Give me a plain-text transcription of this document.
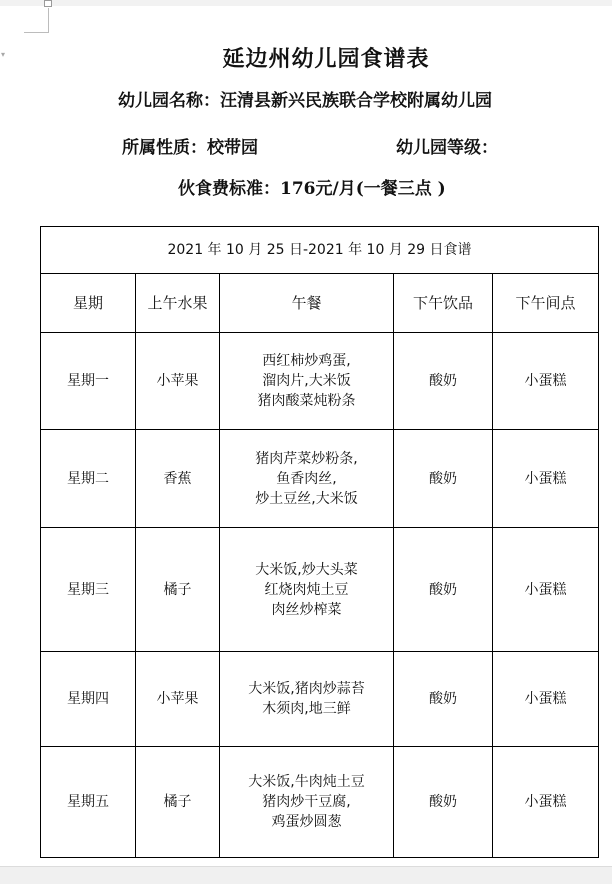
▾	延边州幼儿园食谱表
幼儿园名称：汪清县新兴民族联合学校附属幼儿园
所属性质：校带园	幼儿园等级：
伙食费标准：176元/月(一餐三点 )
2021 年 10 月 25 日-2021 年 10 月 29 日食谱				
星期	上午水果	午餐	下午饮品	下午间点
星期一	小苹果	西红柿炒鸡蛋,
溜肉片,大米饭
猪肉酸菜炖粉条	酸奶	小蛋糕
星期二	香蕉	猪肉芹菜炒粉条,
鱼香肉丝,
炒土豆丝,大米饭	酸奶	小蛋糕
星期三	橘子	大米饭,炒大头菜
红烧肉炖土豆
肉丝炒榨菜	酸奶	小蛋糕
星期四	小苹果	大米饭,猪肉炒蒜苔
木须肉,地三鲜	酸奶	小蛋糕
星期五	橘子	大米饭,牛肉炖土豆
猪肉炒干豆腐,
鸡蛋炒圆葱	酸奶	小蛋糕
